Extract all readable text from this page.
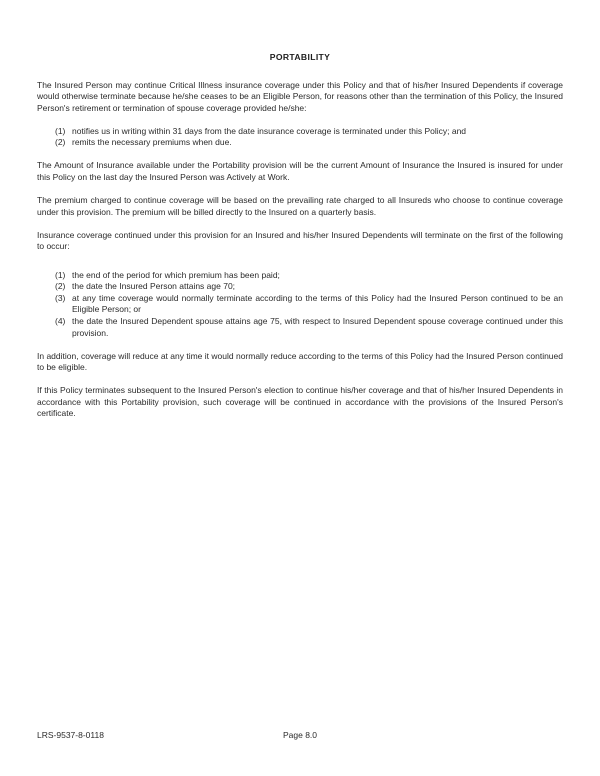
PORTABILITY

The Insured Person may continue Critical Illness insurance coverage under this Policy and that of his/her Insured Dependents if coverage would otherwise terminate because he/she ceases to be an Eligible Person, for reasons other than the termination of this Policy, the Insured Person's retirement or termination of spouse coverage provided he/she:

(1) notifies us in writing within 31 days from the date insurance coverage is terminated under this Policy; and
(2) remits the necessary premiums when due.

The Amount of Insurance available under the Portability provision will be the current Amount of Insurance the Insured is insured for under this Policy on the last day the Insured Person was Actively at Work.

The premium charged to continue coverage will be based on the prevailing rate charged to all Insureds who choose to continue coverage under this provision. The premium will be billed directly to the Insured on a quarterly basis.

Insurance coverage continued under this provision for an Insured and his/her Insured Dependents will terminate on the first of the following to occur:

(1) the end of the period for which premium has been paid;
(2) the date the Insured Person attains age 70;
(3) at any time coverage would normally terminate according to the terms of this Policy had the Insured Person continued to be an Eligible Person; or
(4) the date the Insured Dependent spouse attains age 75, with respect to Insured Dependent spouse coverage continued under this provision.

In addition, coverage will reduce at any time it would normally reduce according to the terms of this Policy had the Insured Person continued to be eligible.

If this Policy terminates subsequent to the Insured Person's election to continue his/her coverage and that of his/her Insured Dependents in accordance with this Portability provision, such coverage will be continued in accordance with the provisions of the Insured Person's certificate.

LRS-9537-8-0118	Page 8.0
